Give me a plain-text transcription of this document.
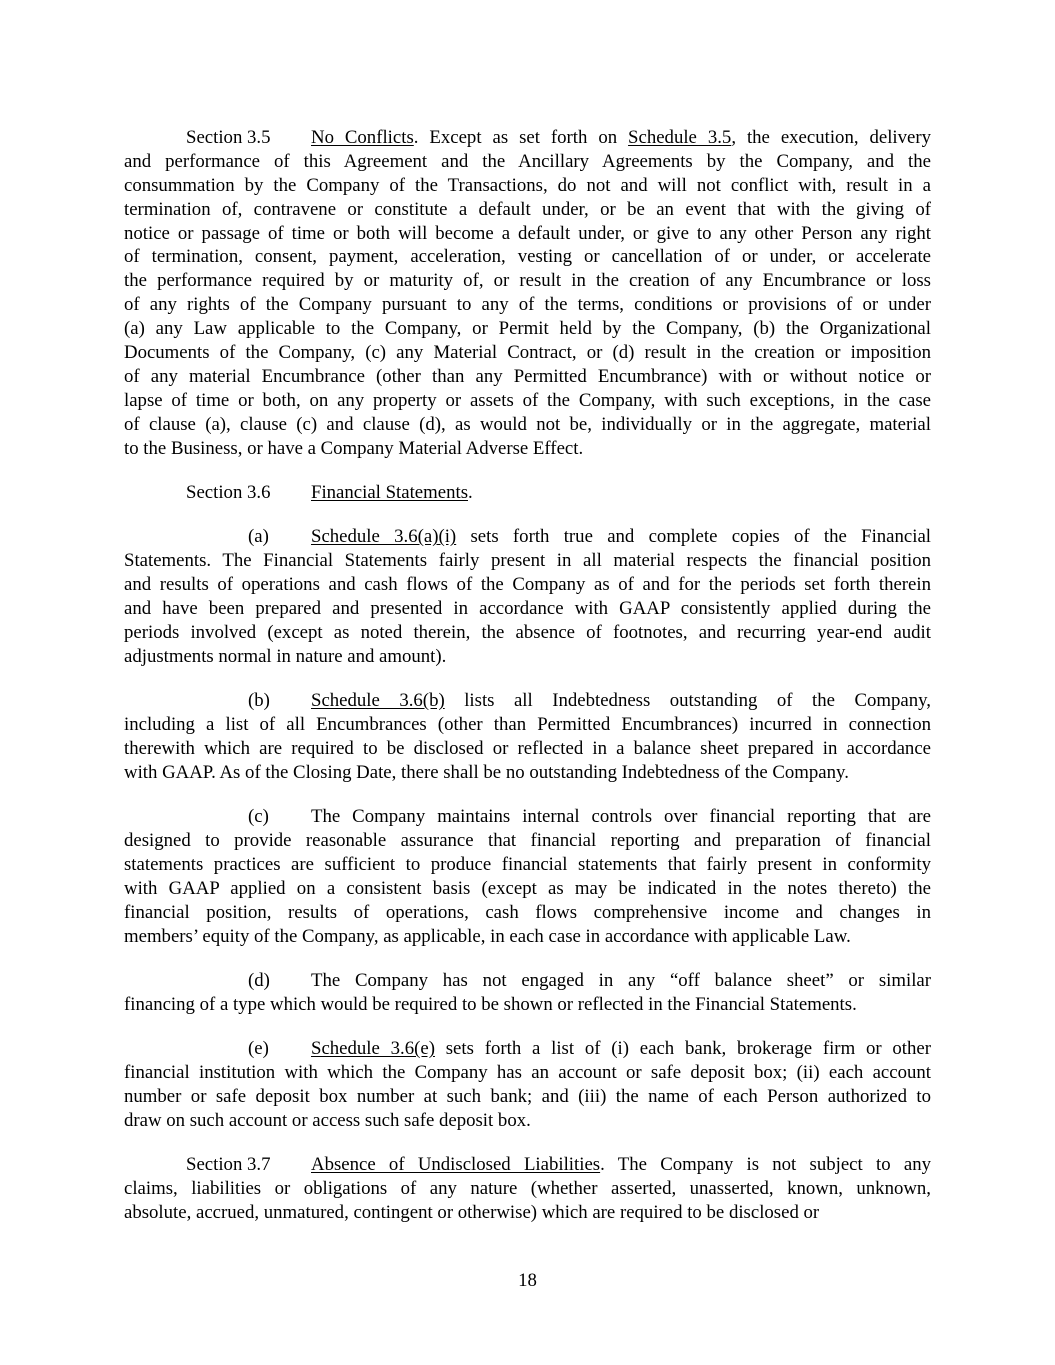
Section 3.5 No Conflicts. Except as set forth on Schedule 3.5, the execution, delivery
and performance of this Agreement and the Ancillary Agreements by the Company, and the
consummation by the Company of the Transactions, do not and will not conflict with, result in a
termination of, contravene or constitute a default under, or be an event that with the giving of
notice or passage of time or both will become a default under, or give to any other Person any right
of termination, consent, payment, acceleration, vesting or cancellation of or under, or accelerate
the performance required by or maturity of, or result in the creation of any Encumbrance or loss
of any rights of the Company pursuant to any of the terms, conditions or provisions of or under
(a) any Law applicable to the Company, or Permit held by the Company, (b) the Organizational
Documents of the Company, (c) any Material Contract, or (d) result in the creation or imposition
of any material Encumbrance (other than any Permitted Encumbrance) with or without notice or
lapse of time or both, on any property or assets of the Company, with such exceptions, in the case
of clause (a), clause (c) and clause (d), as would not be, individually or in the aggregate, material
to the Business, or have a Company Material Adverse Effect.
Section 3.6 Financial Statements.
(a) Schedule 3.6(a)(i) sets forth true and complete copies of the Financial
Statements. The Financial Statements fairly present in all material respects the financial position
and results of operations and cash flows of the Company as of and for the periods set forth therein
and have been prepared and presented in accordance with GAAP consistently applied during the
periods involved (except as noted therein, the absence of footnotes, and recurring year-end audit
adjustments normal in nature and amount).
(b) Schedule 3.6(b) lists all Indebtedness outstanding of the Company,
including a list of all Encumbrances (other than Permitted Encumbrances) incurred in connection
therewith which are required to be disclosed or reflected in a balance sheet prepared in accordance
with GAAP. As of the Closing Date, there shall be no outstanding Indebtedness of the Company.
(c) The Company maintains internal controls over financial reporting that are
designed to provide reasonable assurance that financial reporting and preparation of financial
statements practices are sufficient to produce financial statements that fairly present in conformity
with GAAP applied on a consistent basis (except as may be indicated in the notes thereto) the
financial position, results of operations, cash flows comprehensive income and changes in
members’ equity of the Company, as applicable, in each case in accordance with applicable Law.
(d) The Company has not engaged in any “off balance sheet” or similar
financing of a type which would be required to be shown or reflected in the Financial Statements.
(e) Schedule 3.6(e) sets forth a list of (i) each bank, brokerage firm or other
financial institution with which the Company has an account or safe deposit box; (ii) each account
number or safe deposit box number at such bank; and (iii) the name of each Person authorized to
draw on such account or access such safe deposit box.
Section 3.7 Absence of Undisclosed Liabilities. The Company is not subject to any
claims, liabilities or obligations of any nature (whether asserted, unasserted, known, unknown,
absolute, accrued, unmatured, contingent or otherwise) which are required to be disclosed or
18
